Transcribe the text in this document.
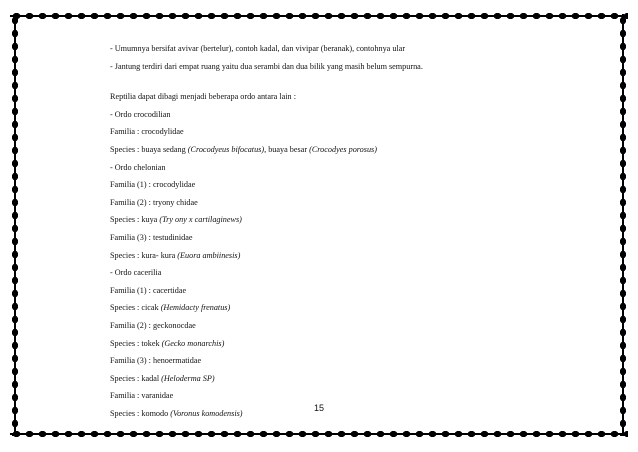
- Umumnya bersifat avivar (bertelur), contoh kadal, dan vivipar (beranak), contohnya ular

- Jantung terdiri dari empat ruang yaitu dua serambi dan dua bilik yang masih belum sempurna.

Reptilia dapat dibagi menjadi beberapa ordo antara lain :

- Ordo crocodilian

Familia : crocodylidae

Species : buaya sedang (Crocodyeus bifocatus), buaya besar (Crocodyes porosus)

- Ordo chelonian

Familia (1) : crocodylidae

Familia (2) : tryony chidae

Species : kuya (Try ony x cartilaginews)

Familia (3) : testudinidae

Species : kura- kura (Euora ambiinesis)

- Ordo cacerilia

Familia (1) : cacertidae

Species : cicak (Hemidacty frenatus)

Familia (2) : geckonocdae

Species : tokek (Gecko monarchis)

Familia (3) : henoermatidae

Species : kadal (Heloderma SP)

Familia : varanidae

Species : komodo (Voronus komodensis)

15
